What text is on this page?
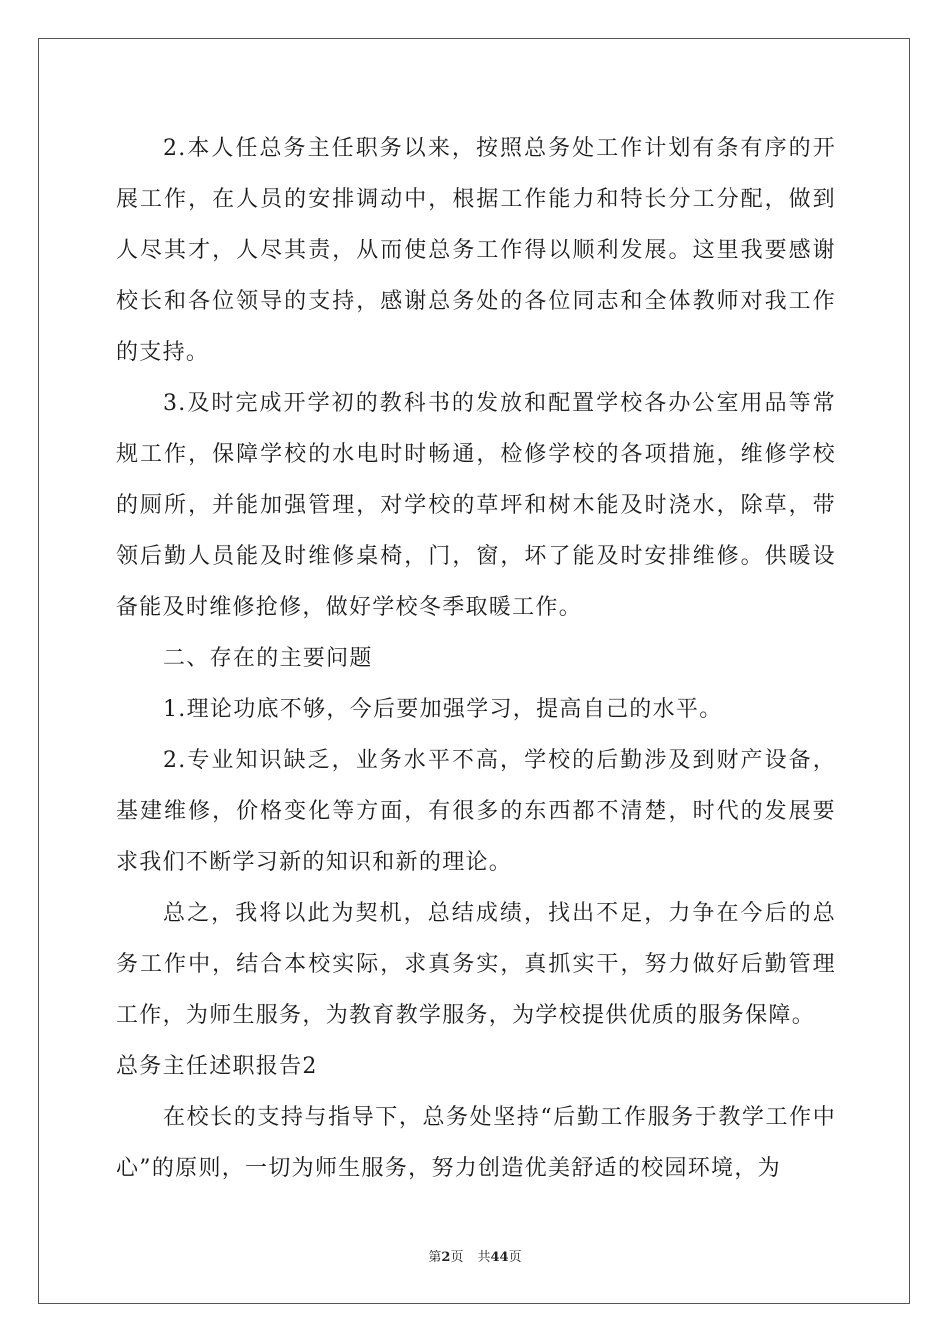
2.本人任总务主任职务以来，按照总务处工作计划有条有序的开展工作，在人员的安排调动中，根据工作能力和特长分工分配，做到人尽其才，人尽其责，从而使总务工作得以顺利发展。这里我要感谢校长和各位领导的支持，感谢总务处的各位同志和全体教师对我工作的支持。

3.及时完成开学初的教科书的发放和配置学校各办公室用品等常规工作，保障学校的水电时时畅通，检修学校的各项措施，维修学校的厕所，并能加强管理，对学校的草坪和树木能及时浇水，除草，带领后勤人员能及时维修桌椅，门，窗，坏了能及时安排维修。供暖设备能及时维修抢修，做好学校冬季取暖工作。

二、存在的主要问题

1.理论功底不够，今后要加强学习，提高自己的水平。

2.专业知识缺乏，业务水平不高，学校的后勤涉及到财产设备，基建维修，价格变化等方面，有很多的东西都不清楚，时代的发展要求我们不断学习新的知识和新的理论。

总之，我将以此为契机，总结成绩，找出不足，力争在今后的总务工作中，结合本校实际，求真务实，真抓实干，努力做好后勤管理工作，为师生服务，为教育教学服务，为学校提供优质的服务保障。

总务主任述职报告2

在校长的支持与指导下，总务处坚持“后勤工作服务于教学工作中心”的原则，一切为师生服务，努力创造优美舒适的校园环境，为

第2页 共44页
